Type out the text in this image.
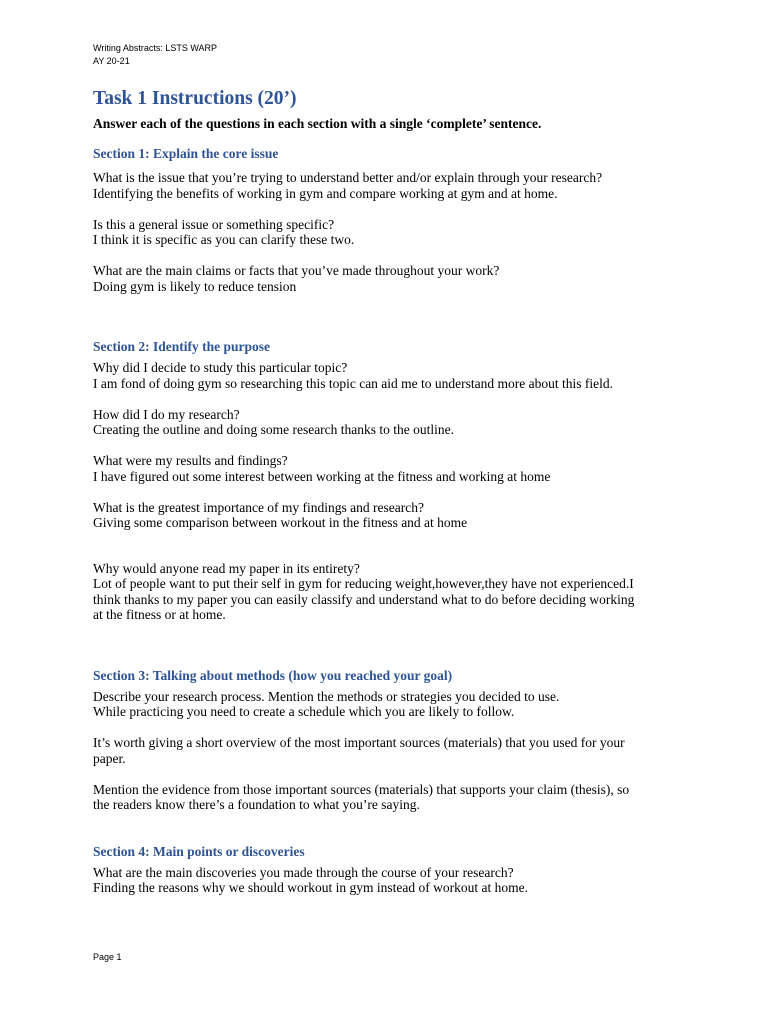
Writing Abstracts: LSTS WARP
AY 20-21
Task 1 Instructions (20’)

Answer each of the questions in each section with a single ‘complete’ sentence.

Section 1: Explain the core issue

What is the issue that you’re trying to understand better and/or explain through your research?

Identifying the benefits of working in gym and compare working at gym and at home.

Is this a general issue or something specific?

I think it is specific as you can clarify these two.

What are the main claims or facts that you’ve made throughout your work?

Doing gym is likely to reduce tension

Section 2: Identify the purpose

Why did I decide to study this particular topic?

I am fond of doing gym so researching this topic can aid me to understand more about this field.

How did I do my research?

Creating the outline and doing some research thanks to the outline.

What were my results and findings?

I have figured out some interest between working at the fitness and working at home

What is the greatest importance of my findings and research?

Giving some comparison between workout in the fitness and at home

Why would anyone read my paper in its entirety?

Lot of people want to put their self in gym for reducing weight,however,they have not experienced.I

think thanks to my paper you can easily classify and understand what to do before deciding working

at the fitness or at home.

Section 3: Talking about methods (how you reached your goal)

Describe your research process. Mention the methods or strategies you decided to use.

While practicing you need to create a schedule which you are likely to follow.

It’s worth giving a short overview of the most important sources (materials) that you used for your

paper.

Mention the evidence from those important sources (materials) that supports your claim (thesis), so

the readers know there’s a foundation to what you’re saying.

Section 4: Main points or discoveries

What are the main discoveries you made through the course of your research?

Finding the reasons why we should workout in gym instead of workout at home.

Page 1
